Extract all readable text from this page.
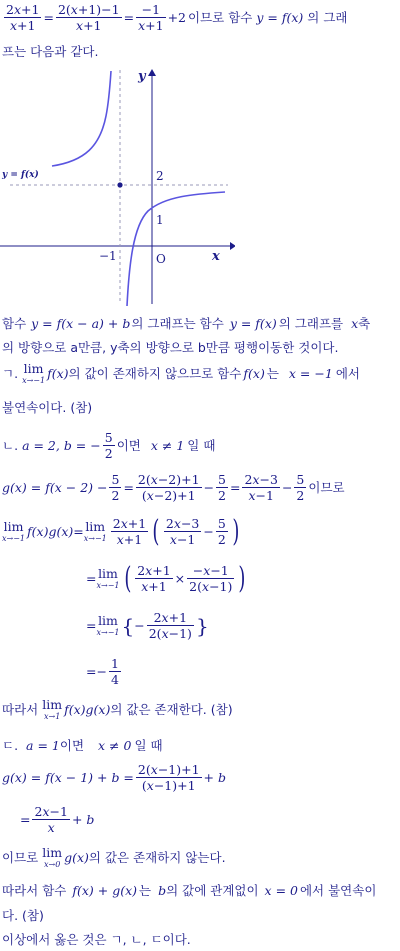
$\frac{2x+1}{x+1} = \frac{2(x+1)-1}{x+1} = \frac{-1}{x+1} +2$ 이므로 함수 y = f(x) 의 그래
프는 다음과 같다.
y
x
y = f(x)	2
1
−1	O
함수 y = f(x − a) + b의 그래프는 함수 y = f(x) 의 그래프를 x축
의 방향으로 a만큼, y축의 방향으로 b만큼 평행이동한 것이다.
ㄱ. lim
x→−1 f(x) 의 값이 존재하지 않으므로 함수 f(x) 는 x = −1 에서
불연속이다. (참)
ㄴ. a = 2, b = − $\frac{5}{2}$ 이면 x ≠ 1 일 때
$g(x) = f(x - 2) - \frac{5}{2} = \frac{2(x-2)+1}{(x-2)+1} - \frac{5}{2} = \frac{2x-3}{x-1} - \frac{5}{2}$ 이므로
lim
x→−1 f(x)g(x) = lim
$x\to-1 \frac{2x+1}{x+1}$ ( $\frac{2x-3}{x-1} - \frac{5}{2}$ )
= lim
x→−1 ( $\frac{2x+1}{x+1} \times \frac{-x-1}{2(x-1)}$ )
= lim
x→−1 { − $\frac{2x+1}{2(x-1)}$ }
=− $\frac{1}{4}$
따라서 lim
x→1 f(x)g(x) 의 값은 존재한다. (참)
ㄷ. a = 1이면 x ≠ 0 일 때
$g(x) = f(x - 1) + b = \frac{2(x-1)+1}{(x-1)+1} + b$
= $\frac{2x-1}{x} + b$
이므로 lim
x→0 g(x) 의 값은 존재하지 않는다.
따라서 함수 f(x) + g(x) 는 b의 값에 관계없이 x = 0 에서 불연속이
다. (참)
이상에서 옳은 것은 ㄱ, ㄴ, ㄷ이다.
